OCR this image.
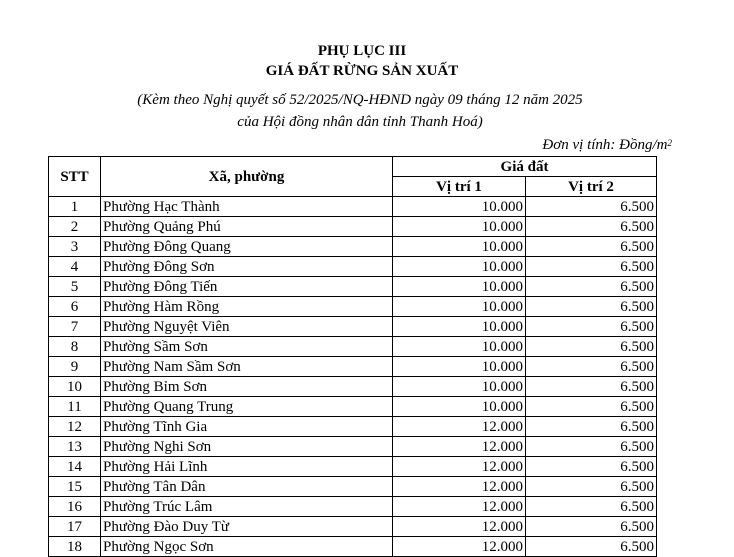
PHỤ LỤC III
GIÁ ĐẤT RỪNG SẢN XUẤT
(Kèm theo Nghị quyết số 52/2025/NQ-HĐND ngày 09 tháng 12 năm 2025
của Hội đồng nhân dân tỉnh Thanh Hoá)
Đơn vị tính: Đồng/$m^2$
STT	Xã, phường	Giá đất	
		Vị trí 1	Vị trí 2
1	Phường Hạc Thành	10.000	6.500
2	Phường Quảng Phú	10.000	6.500
3	Phường Đông Quang	10.000	6.500
4	Phường Đông Sơn	10.000	6.500
5	Phường Đông Tiến	10.000	6.500
6	Phường Hàm Rồng	10.000	6.500
7	Phường Nguyệt Viên	10.000	6.500
8	Phường Sầm Sơn	10.000	6.500
9	Phường Nam Sầm Sơn	10.000	6.500
10	Phường Bỉm Sơn	10.000	6.500
11	Phường Quang Trung	10.000	6.500
12	Phường Tĩnh Gia	12.000	6.500
13	Phường Nghi Sơn	12.000	6.500
14	Phường Hải Lĩnh	12.000	6.500
15	Phường Tân Dân	12.000	6.500
16	Phường Trúc Lâm	12.000	6.500
17	Phường Đào Duy Từ	12.000	6.500
18	Phường Ngọc Sơn	12.000	6.500
